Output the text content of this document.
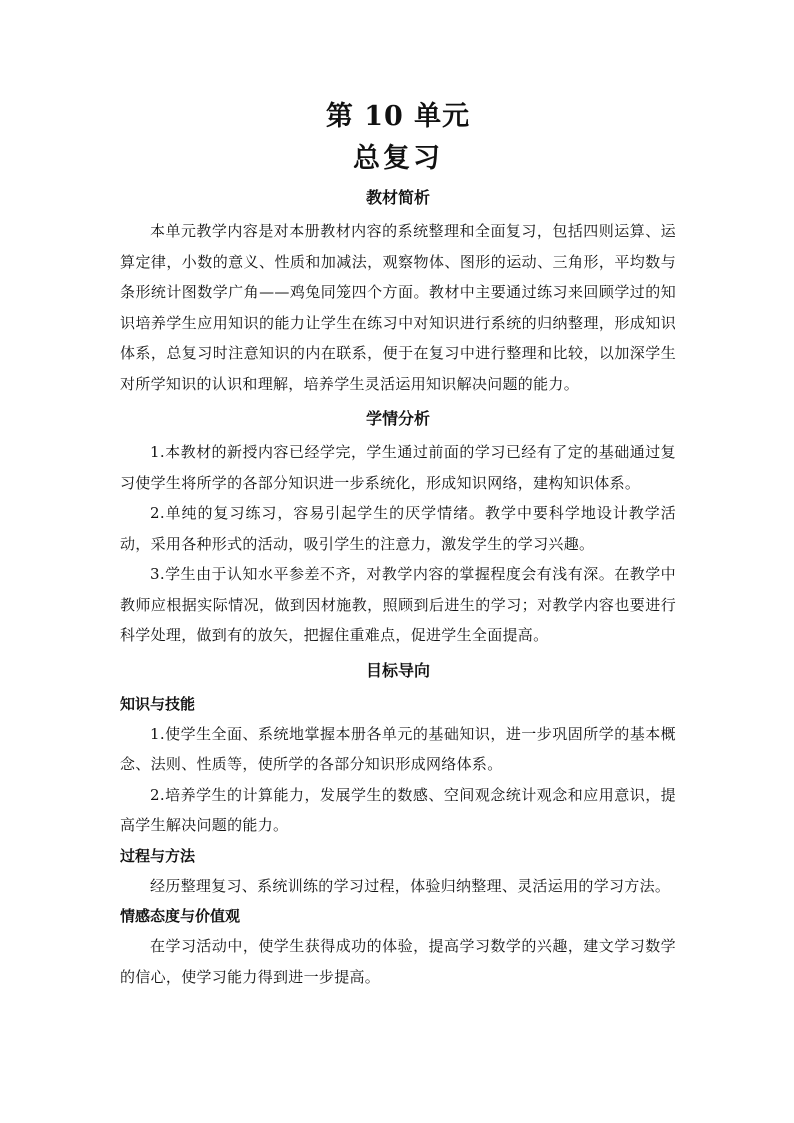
第 10 单元
总复习
教材简析

本单元教学内容是对本册教材内容的系统整理和全面复习，包括四则运算、运算定律，小数的意义、性质和加减法，观察物体、图形的运动、三角形，平均数与条形统计图数学广角——鸡兔同笼四个方面。教材中主要通过练习来回顾学过的知识培养学生应用知识的能力让学生在练习中对知识进行系统的归纳整理，形成知识体系，总复习时注意知识的内在联系，便于在复习中进行整理和比较，以加深学生对所学知识的认识和理解，培养学生灵活运用知识解决问题的能力。

学情分析

1.本教材的新授内容已经学完，学生通过前面的学习已经有了定的基础通过复习使学生将所学的各部分知识进一步系统化，形成知识网络，建构知识体系。

2.单纯的复习练习，容易引起学生的厌学情绪。教学中要科学地设计教学活动，采用各种形式的活动，吸引学生的注意力，激发学生的学习兴趣。

3.学生由于认知水平参差不齐，对教学内容的掌握程度会有浅有深。在教学中教师应根据实际情况，做到因材施教，照顾到后进生的学习；对教学内容也要进行科学处理，做到有的放矢，把握住重难点，促进学生全面提高。

目标导向
知识与技能

1.使学生全面、系统地掌握本册各单元的基础知识，进一步巩固所学的基本概念、法则、性质等，使所学的各部分知识形成网络体系。

2.培养学生的计算能力，发展学生的数感、空间观念统计观念和应用意识，提高学生解决问题的能力。

过程与方法

经历整理复习、系统训练的学习过程，体验归纳整理、灵活运用的学习方法。

情感态度与价值观

在学习活动中，使学生获得成功的体验，提高学习数学的兴趣，建文学习数学的信心，使学习能力得到进一步提高。
